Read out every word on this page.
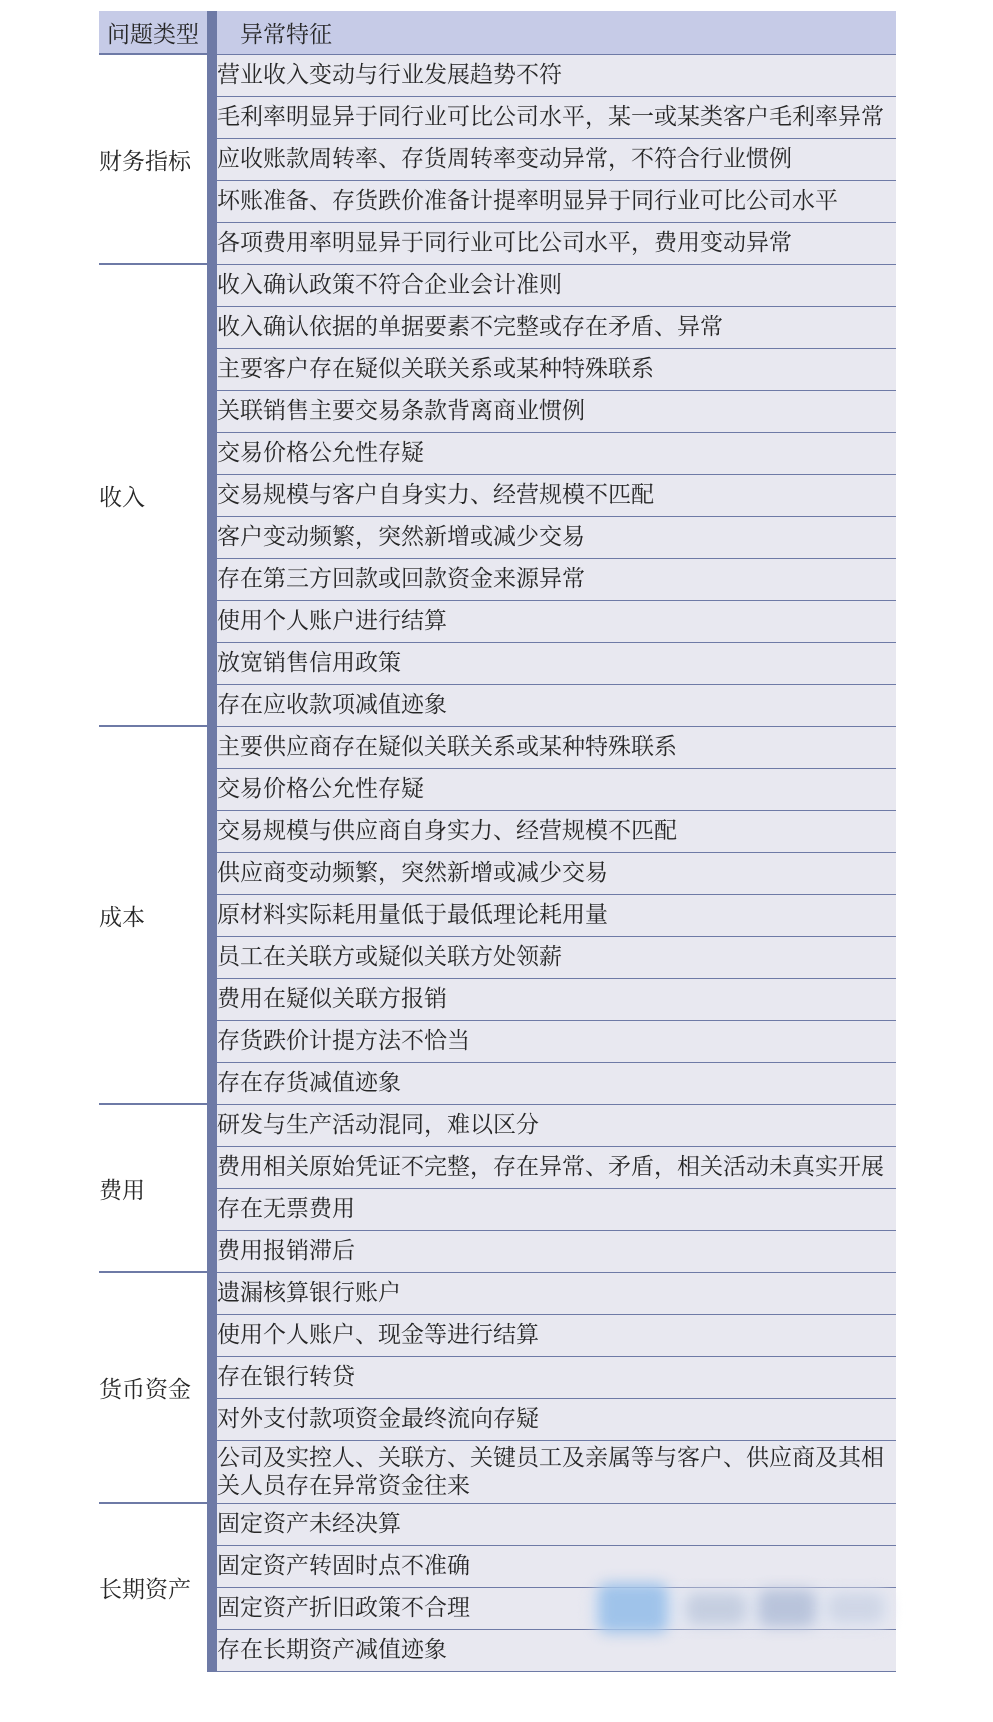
问题类型	异常特征
财务指标	营业收入变动与行业发展趋势不符
	毛利率明显异于同行业可比公司水平，某一或某类客户毛利率异常
	应收账款周转率、存货周转率变动异常，不符合行业惯例
	坏账准备、存货跌价准备计提率明显异于同行业可比公司水平
	各项费用率明显异于同行业可比公司水平，费用变动异常
收入	收入确认政策不符合企业会计准则
	收入确认依据的单据要素不完整或存在矛盾、异常
	主要客户存在疑似关联关系或某种特殊联系
	关联销售主要交易条款背离商业惯例
	交易价格公允性存疑
	交易规模与客户自身实力、经营规模不匹配
	客户变动频繁，突然新增或减少交易
	存在第三方回款或回款资金来源异常
	使用个人账户进行结算
	放宽销售信用政策
	存在应收款项减值迹象
成本	主要供应商存在疑似关联关系或某种特殊联系
	交易价格公允性存疑
	交易规模与供应商自身实力、经营规模不匹配
	供应商变动频繁，突然新增或减少交易
	原材料实际耗用量低于最低理论耗用量
	员工在关联方或疑似关联方处领薪
	费用在疑似关联方报销
	存货跌价计提方法不恰当
	存在存货减值迹象
费用	研发与生产活动混同，难以区分
	费用相关原始凭证不完整，存在异常、矛盾，相关活动未真实开展
	存在无票费用
	费用报销滞后
货币资金	遗漏核算银行账户
	使用个人账户、现金等进行结算
	存在银行转贷
	对外支付款项资金最终流向存疑
	公司及实控人、关联方、关键员工及亲属等与客户、供应商及其相关人员存在异常资金往来
长期资产	固定资产未经决算
	固定资产转固时点不准确
	固定资产折旧政策不合理
	存在长期资产减值迹象
